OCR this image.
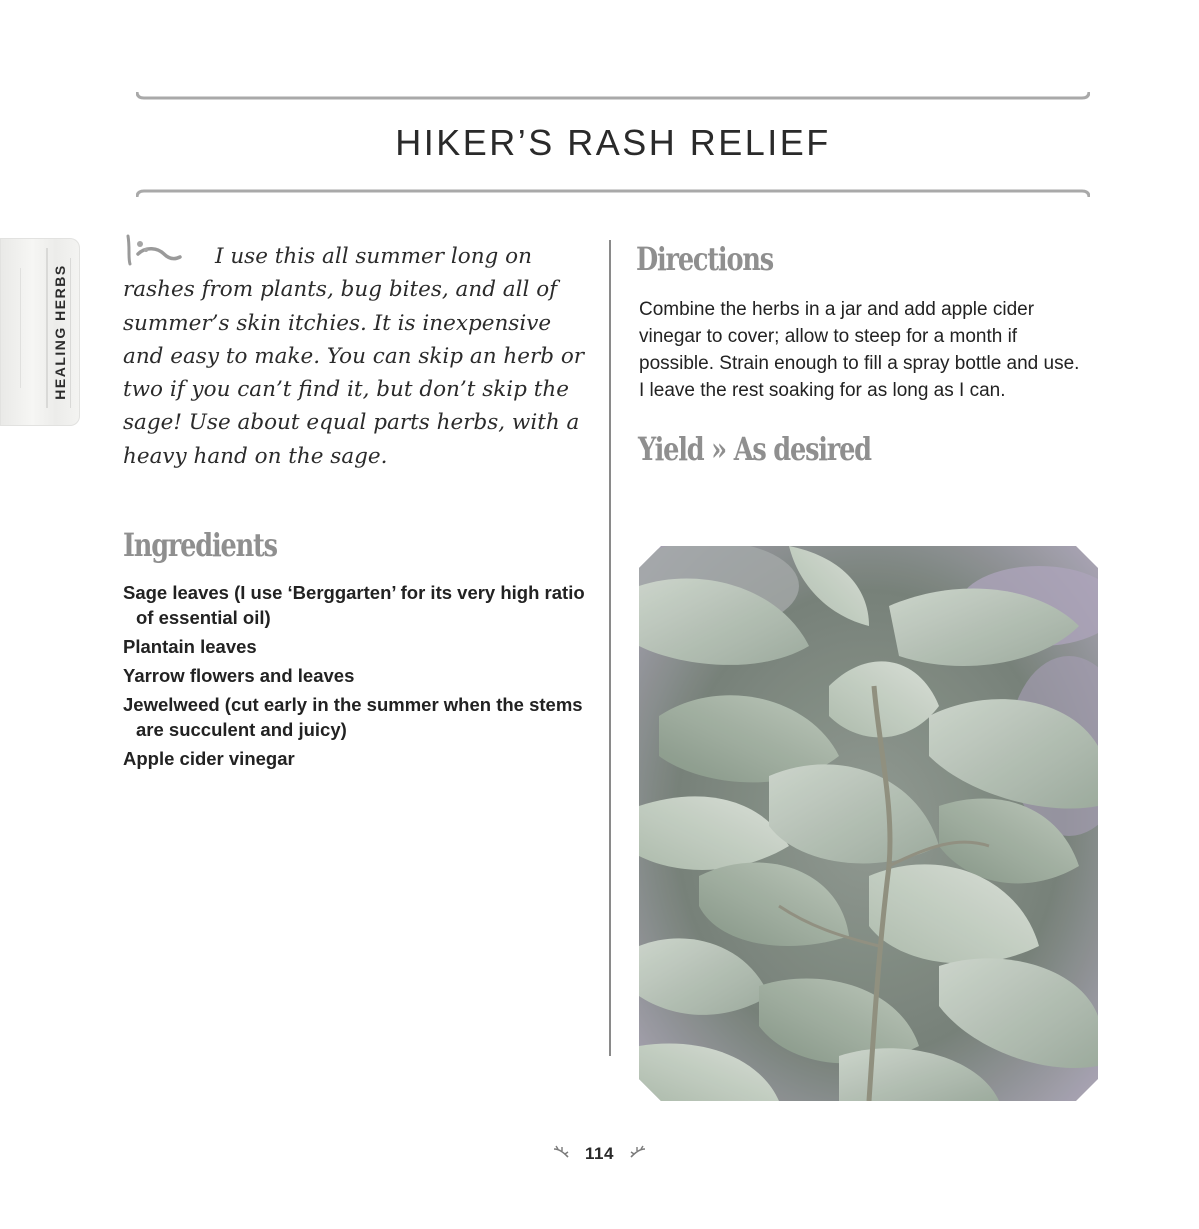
HIKER’S RASH RELIEF
HEALING HERBS
I use this all summer long on rashes from plants, bug bites, and all of summer’s skin itchies. It is inexpensive and easy to make. You can skip an herb or two if you can’t find it, but don’t skip the sage! Use about equal parts herbs, with a heavy hand on the sage.
Ingredients
Sage leaves (I use ‘Berggarten’ for its very high ratio of essential oil)
Plantain leaves
Yarrow flowers and leaves
Jewelweed (cut early in the summer when the stems are succulent and juicy)
Apple cider vinegar
Directions
Combine the herbs in a jar and add apple cider vinegar to cover; allow to steep for a month if possible. Strain enough to fill a spray bottle and use. I leave the rest soaking for as long as I can.
Yield » As desired
114
